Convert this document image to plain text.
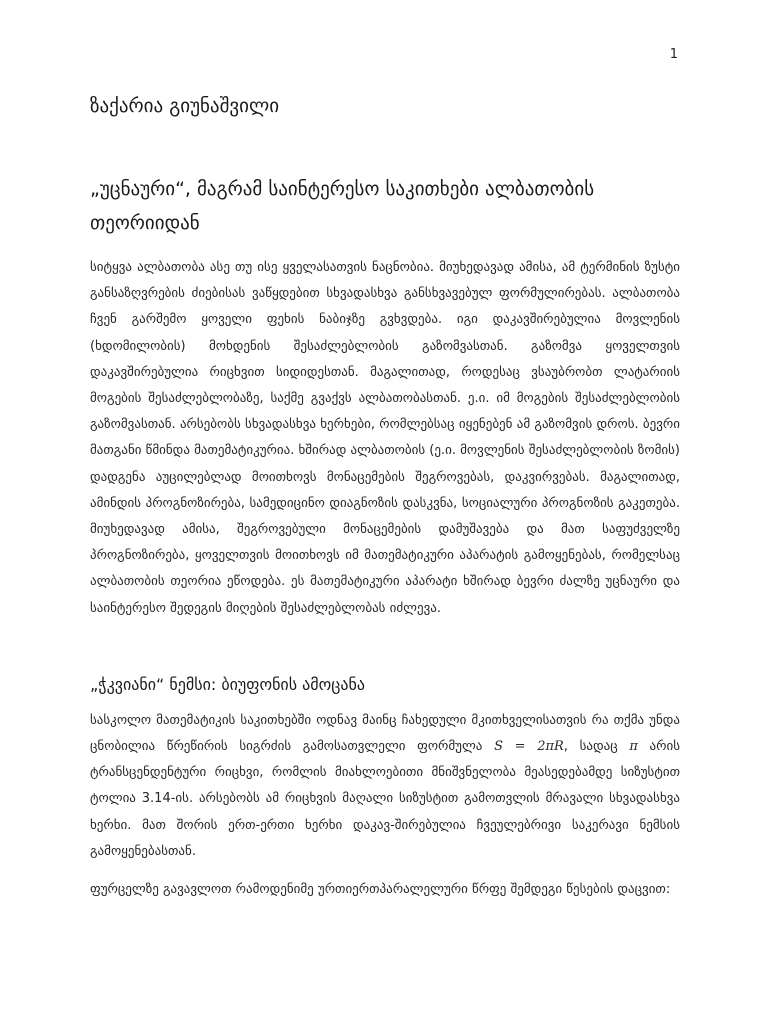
1
ზაქარია გიუნაშვილი
„უცნაური“, მაგრამ საინტერესო საკითხები ალბათობის თეორიიდან

სიტყვა ალბათობა ასე თუ ისე ყველასათვის ნაცნობია. მიუხედავად ამისა, ამ ტერმინის ზუსტი განსაზღვრების ძიებისას ვაწყდებით სხვადასხვა განსხვავებულ ფორმულირებას. ალბათობა ჩვენ გარშემო ყოველი ფეხის ნაბიჯზე გვხვდება. იგი დაკავშირებულია მოვლენის (ხდომილობის) მოხდენის შესაძლებლობის გაზომვასთან. გაზომვა ყოველთვის დაკავშირებულია რიცხვით სიდიდესთან. მაგალითად, როდესაც ვსაუბრობთ ლატარიის მოგების შესაძლებლობაზე, საქმე გვაქვს ალბათობასთან. ე.ი. იმ მოგების შესაძლებლობის გაზომვასთან. არსებობს სხვადასხვა ხერხები, რომლებსაც იყენებენ ამ გაზომვის დროს. ბევრი მათგანი წმინდა მათემატიკურია. ხშირად ალბათობის (ე.ი. მოვლენის შესაძლებლობის ზომის) დადგენა აუცილებლად მოითხოვს მონაცემების შეგროვებას, დაკვირვებას. მაგალითად, ამინდის პროგნოზირება, სამედიცინო დიაგნოზის დასკვნა, სოციალური პროგნოზის გაკეთება. მიუხედავად ამისა, შეგროვებული მონაცემების დამუშავება და მათ საფუძველზე პროგნოზირება, ყოველთვის მოითხოვს იმ მათემატიკური აპარატის გამოყენებას, რომელსაც ალბათობის თეორია ეწოდება. ეს მათემატიკური აპარატი ხშირად ბევრი ძალზე უცნაური და საინტერესო შედეგის მიღების შესაძლებლობას იძლევა.

„ჭკვიანი“ ნემსი: ბიუფონის ამოცანა

სასკოლო მათემატიკის საკითხებში ოდნავ მაინც ჩახედული მკითხველისათვის რა თქმა უნდა ცნობილია წრეწირის სიგრძის გამოსათვლელი ფორმულა S = 2πR, სადაც π არის ტრანსცენდენტური რიცხვი, რომლის მიახლოებითი მნიშვნელობა მეასედებამდე სიზუსტით ტოლია 3.14-ის. არსებობს ამ რიცხვის მაღალი სიზუსტით გამოთვლის მრავალი სხვადასხვა ხერხი. მათ შორის ერთ-ერთი ხერხი დაკავ-შირებულია ჩვეულებრივი საკერავი ნემსის გამოყენებასთან.

ფურცელზე გავავლოთ რამოდენიმე ურთიერთპარალელური წრფე შემდეგი წესების დაცვით:
